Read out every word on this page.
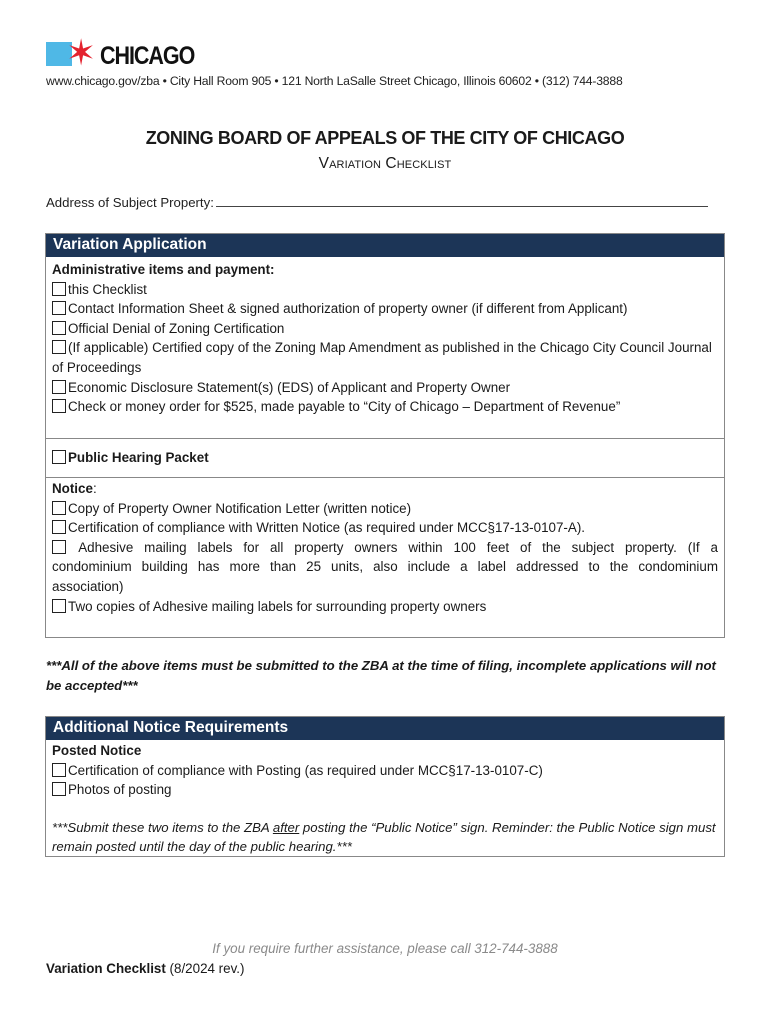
✶ CHICAGO
www.chicago.gov/zba • City Hall Room 905 • 121 North LaSalle Street Chicago, Illinois 60602 • (312) 744-3888
ZONING BOARD OF APPEALS OF THE CITY OF CHICAGO
Variation Checklist
Address of Subject Property:
Variation Application
Administrative items and payment:
this Checklist
Contact Information Sheet & signed authorization of property owner (if different from Applicant)
Official Denial of Zoning Certification
(If applicable) Certified copy of the Zoning Map Amendment as published in the Chicago City Council Journal of Proceedings
Economic Disclosure Statement(s) (EDS) of Applicant and Property Owner
Check or money order for $525, made payable to “City of Chicago – Department of Revenue”
Public Hearing Packet
Notice:
Copy of Property Owner Notification Letter (written notice)
Certification of compliance with Written Notice (as required under MCC§17-13-0107-A).
Adhesive mailing labels for all property owners within 100 feet of the subject property. (If a condominium building has more than 25 units, also include a label addressed to the condominium association)
Two copies of Adhesive mailing labels for surrounding property owners
***All of the above items must be submitted to the ZBA at the time of filing, incomplete applications will not be accepted***
Additional Notice Requirements
Posted Notice
Certification of compliance with Posting (as required under MCC§17-13-0107-C)
Photos of posting
***Submit these two items to the ZBA after posting the “Public Notice” sign. Reminder: the Public Notice sign must remain posted until the day of the public hearing.***
If you require further assistance, please call 312-744-3888
Variation Checklist (8/2024 rev.)
